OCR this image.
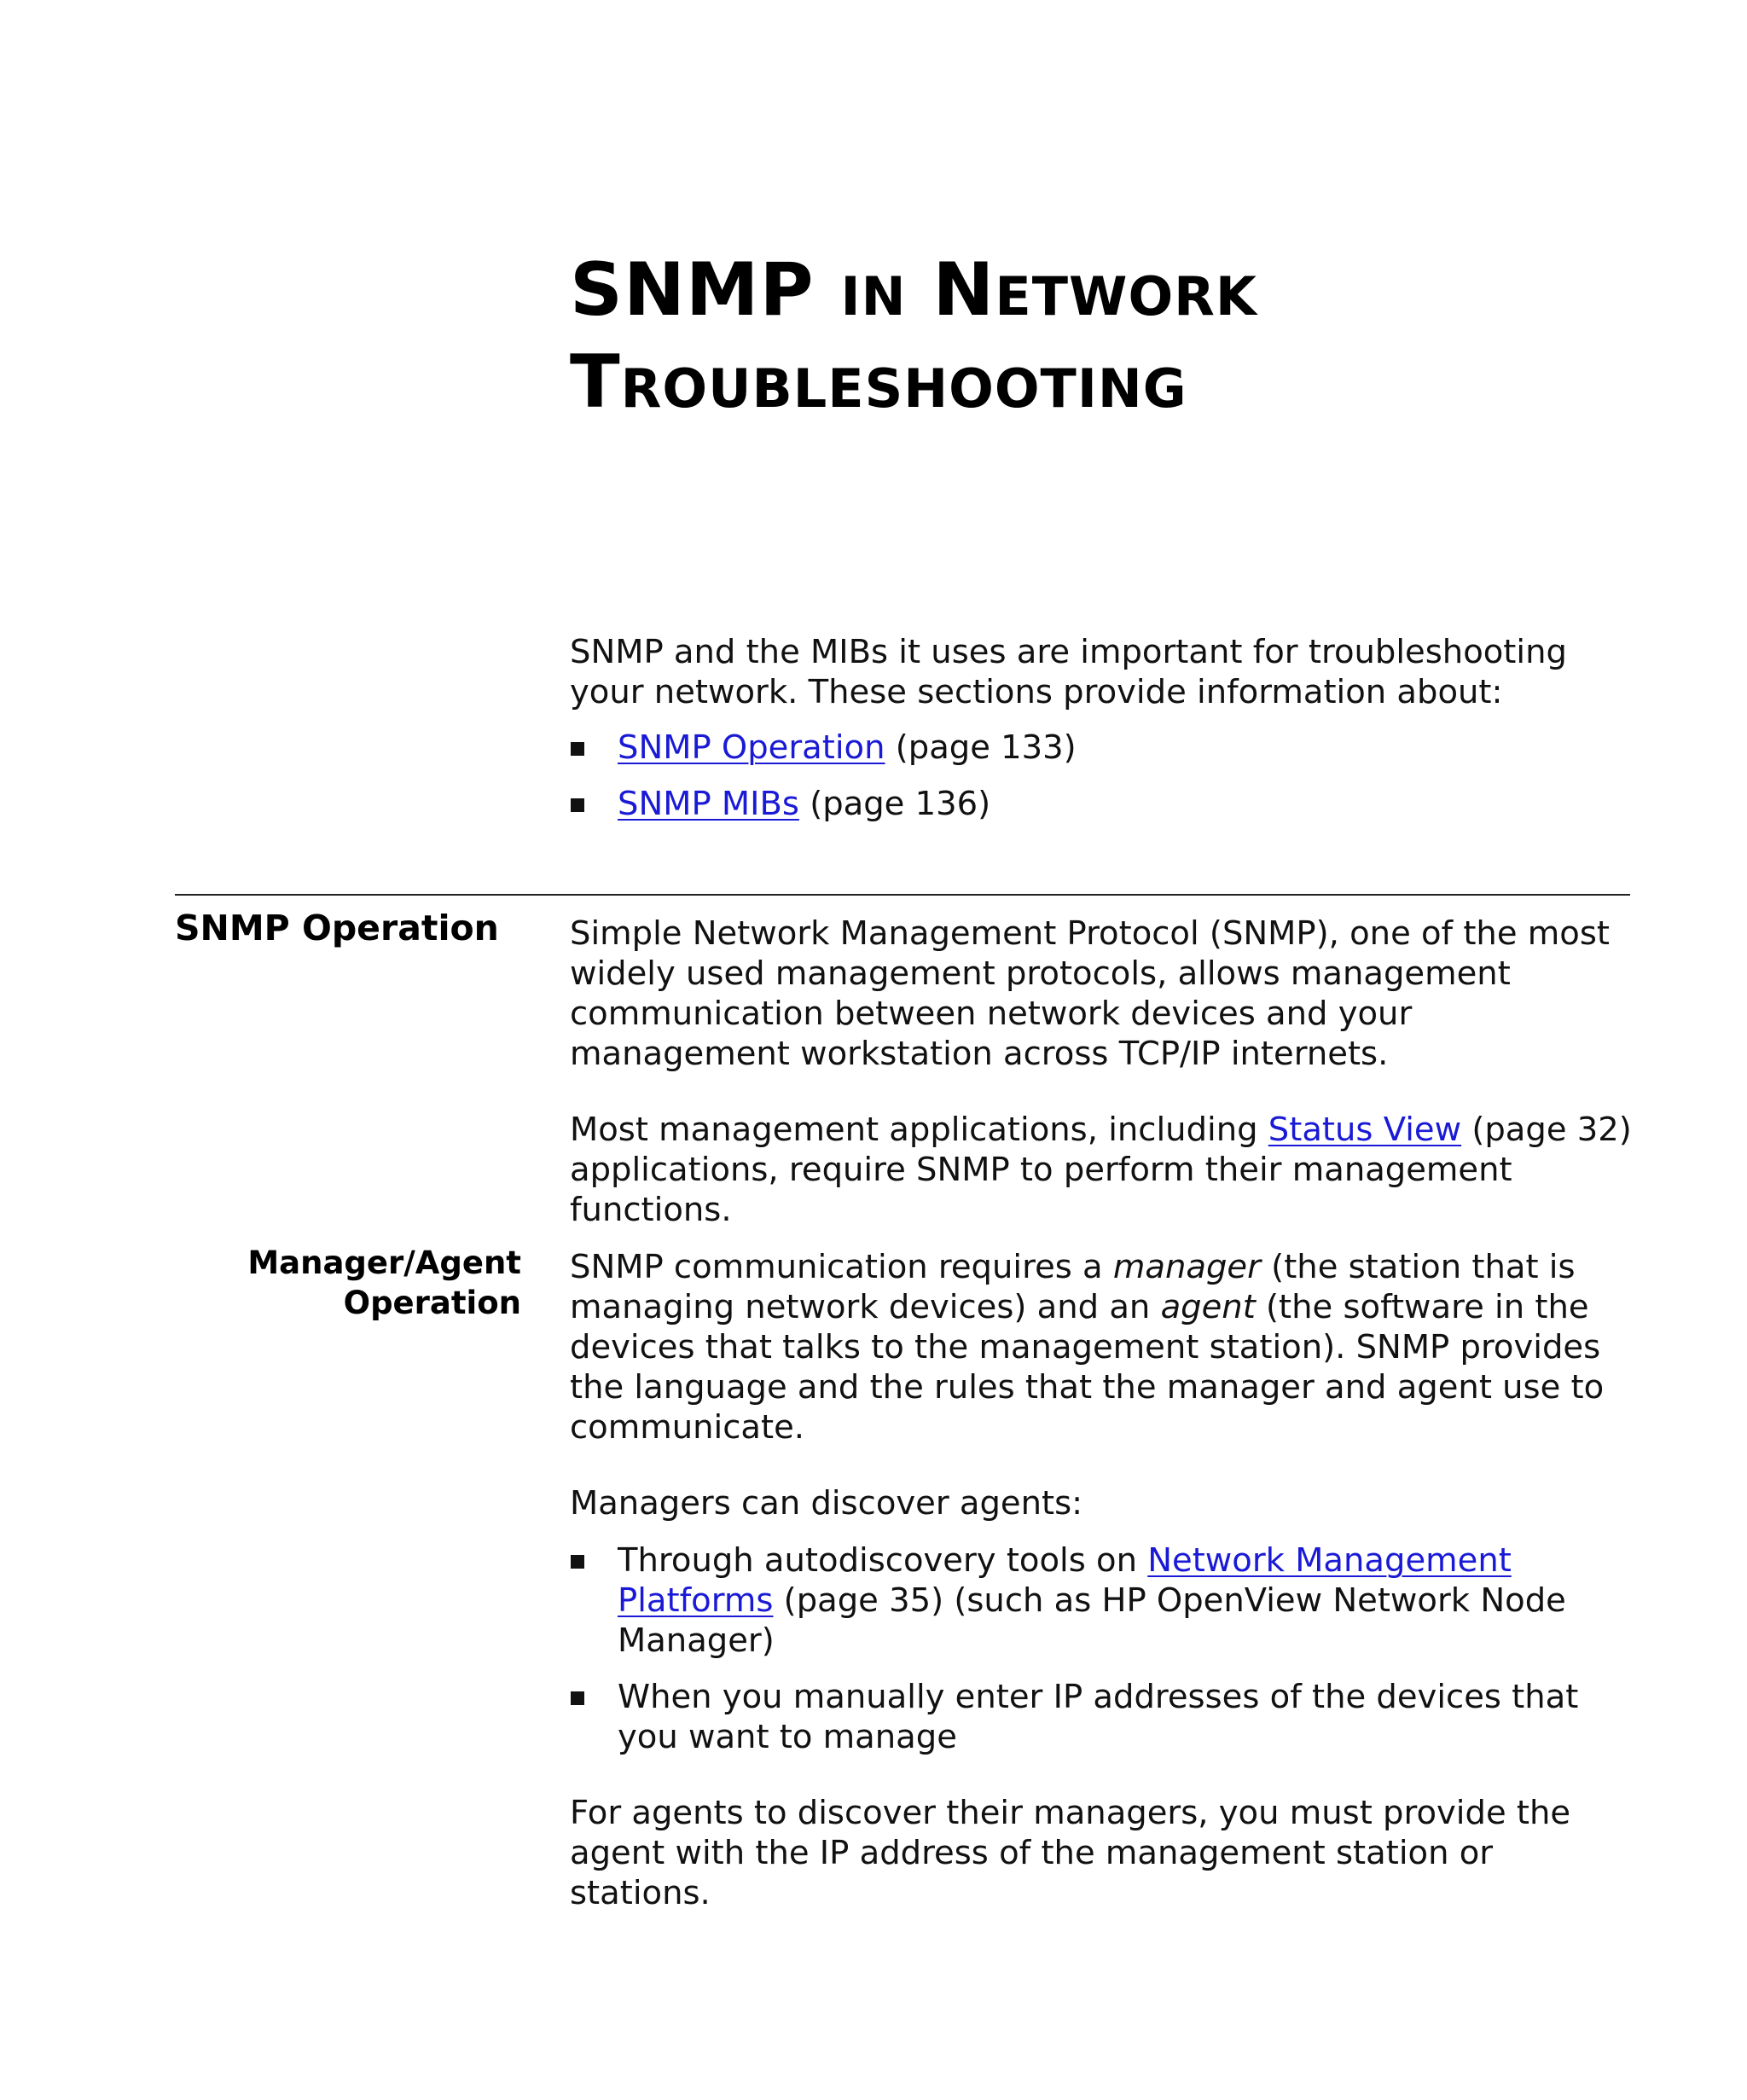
SNMP IN NETWORK
TROUBLESHOOTING

SNMP and the MIBs it uses are important for troubleshooting your network. These sections provide information about:

SNMP Operation (page 133)
SNMP MIBs (page 136)
SNMP Operation Simple Network Management Protocol (SNMP), one of the most widely used management protocols, allows management communication between network devices and your management workstation across TCP/IP internets.

Most management applications, including Status View (page 32) applications, require SNMP to perform their management functions.

Manager/Agent
Operation

SNMP communication requires a manager (the station that is managing network devices) and an agent (the software in the devices that talks to the management station). SNMP provides the language and the rules that the manager and agent use to communicate.

Managers can discover agents:

Through autodiscovery tools on Network Management Platforms (page 35) (such as HP OpenView Network Node Manager)
When you manually enter IP addresses of the devices that you want to manage

For agents to discover their managers, you must provide the agent with the IP address of the management station or stations.
